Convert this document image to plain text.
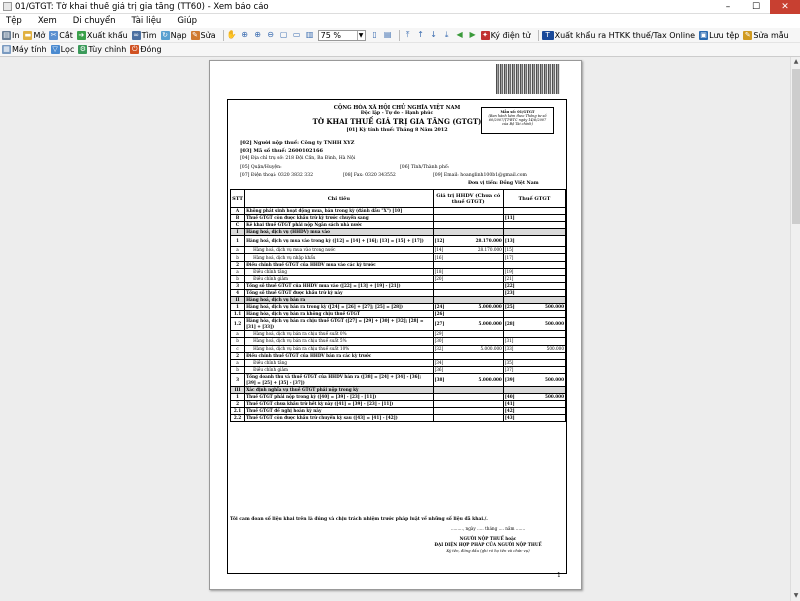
01/GTGT: Tờ khai thuế giá trị gia tăng (TT60) - Xem báo cáo	–	☐	✕
Tệp Xem Di chuyển Tài liệu Giúp
▤ In ▬ Mở ✂ Cắt ➜ Xuất khẩu ∞ Tìm ↻ Nạp ✎ Sửa ✋ ⊕ ⊕ ⊖ ▢ ▭ ▥ 75 %	▼	▯ ▤	⤒ ↑ ↓ ⤓	◀ ▶ ✦ Ký điện tử	T Xuất khẩu ra HTKK thuế/Tax Online ▣ Lưu tệp ✎ Sửa mẫu
▦ Máy tính ▽ Lọc ⚙ Tùy chỉnh ⏻ Đóng
CỘNG HÒA XÃ HỘI CHỦ NGHĨA VIỆT NAM
Độc lập - Tự do - Hạnh phúc
TỜ KHAI THUẾ GIÁ TRỊ GIA TĂNG (GTGT)
[01] Kỳ tính thuế: Tháng 8 Năm 2012
Mẫu số: 01/GTGT
(Ban hành kèm theo Thông tư số
60/2007/TT-BTC ngày 14/6/2007
của Bộ Tài chính)
[02] Người nộp thuế: Công ty TNHH XYZ
[03] Mã số thuế: 2600102166
[04] Địa chỉ trụ sở: 218 Đội Cấn, Ba Đình, Hà Nội
[05] Quận/Huyện:	[06] Tỉnh/Thành phố:
[07] Điện thoại: 0320 3832 332	[08] Fax: 0320 343552	[09] Email: hoanglinh100b1@gmail.com
Đơn vị tiền: Đồng Việt Nam
STT	Chỉ tiêu	Giá trị HHDV (Chưa có thuế GTGT)		Thuế GTGT	
A	Không phát sinh hoạt động mua, bán trong kỳ (đánh dấu "X") [10]				
B	Thuế GTGT còn được khấu trừ kỳ trước chuyển sang			[11]	
C	Kê khai thuế GTGT phải nộp Ngân sách nhà nước				
I	Hàng hoá, dịch vụ (HHDV) mua vào				
1	Hàng hoá, dịch vụ mua vào trong kỳ ([12] = [14] + [16]; [13] = [15] + [17])	[12]	28.170.000	[13]	
a	Hàng hoá, dịch vụ mua vào trong nước	[14]	28.170.000	[15]	
b	Hàng hoá, dịch vụ nhập khẩu	[16]		[17]	
2	Điều chỉnh thuế GTGT của HHDV mua vào các kỳ trước				
a	Điều chỉnh tăng	[18]		[19]	
b	Điều chỉnh giảm	[20]		[21]	
3	Tổng số thuế GTGT của HHDV mua vào ([22] = [13] + [19] - [21])			[22]	
4	Tổng số thuế GTGT được khấu trừ kỳ này			[23]	
II	Hàng hoá, dịch vụ bán ra				
1	Hàng hoá, dịch vụ bán ra trong kỳ ([24] = [26] + [27]; [25] = [28])	[24]	5.000.000	[25]	500.000
1.1	Hàng hóa, dịch vụ bán ra không chịu thuế GTGT	[26]			
1.2	Hàng hóa, dịch vụ bán ra chịu thuế GTGT ([27] = [29] + [30] + [32]; [28] = [31] + [33])	[27]	5.000.000	[28]	500.000
a	Hàng hoá, dịch vụ bán ra chịu thuế suất 0%	[29]			
b	Hàng hoá, dịch vụ bán ra chịu thuế suất 5%	[30]		[31]	
c	Hàng hoá, dịch vụ bán ra chịu thuế suất 10%	[32]	5.000.000	[33]	500.000
2	Điều chỉnh thuế GTGT của HHDV bán ra các kỳ trước				
a	Điều chỉnh tăng	[34]		[35]	
b	Điều chỉnh giảm	[36]		[37]	
3	Tổng doanh thu và thuế GTGT của HHDV bán ra ([38] = [24] + [34] - [36]; [39] = [25] + [35] - [37])	[38]	5.000.000	[39]	500.000
III	Xác định nghĩa vụ thuế GTGT phải nộp trong kỳ				
1	Thuế GTGT phải nộp trong kỳ ([40] = [39] - [23] - [11])			[40]	500.000
2	Thuế GTGT chưa khấu trừ hết kỳ này ([41] = [39] - [23] - [11])			[41]	
2.1	Thuế GTGT đề nghị hoàn kỳ này			[42]	
2.2	Thuế GTGT còn được khấu trừ chuyển kỳ sau ([43] = [41] - [42])			[43]	
Tôi cam đoan số liệu khai trên là đúng và chịu trách nhiệm trước pháp luật về những số liệu đã khai./.
........., ngày ..... tháng .... năm .......
NGƯỜI NỘP THUẾ hoặc
ĐẠI DIỆN HỢP PHÁP CỦA NGƯỜI NỘP THUẾ
Ký tên, đóng dấu (ghi rõ họ tên và chức vụ)
1
▲
▼
